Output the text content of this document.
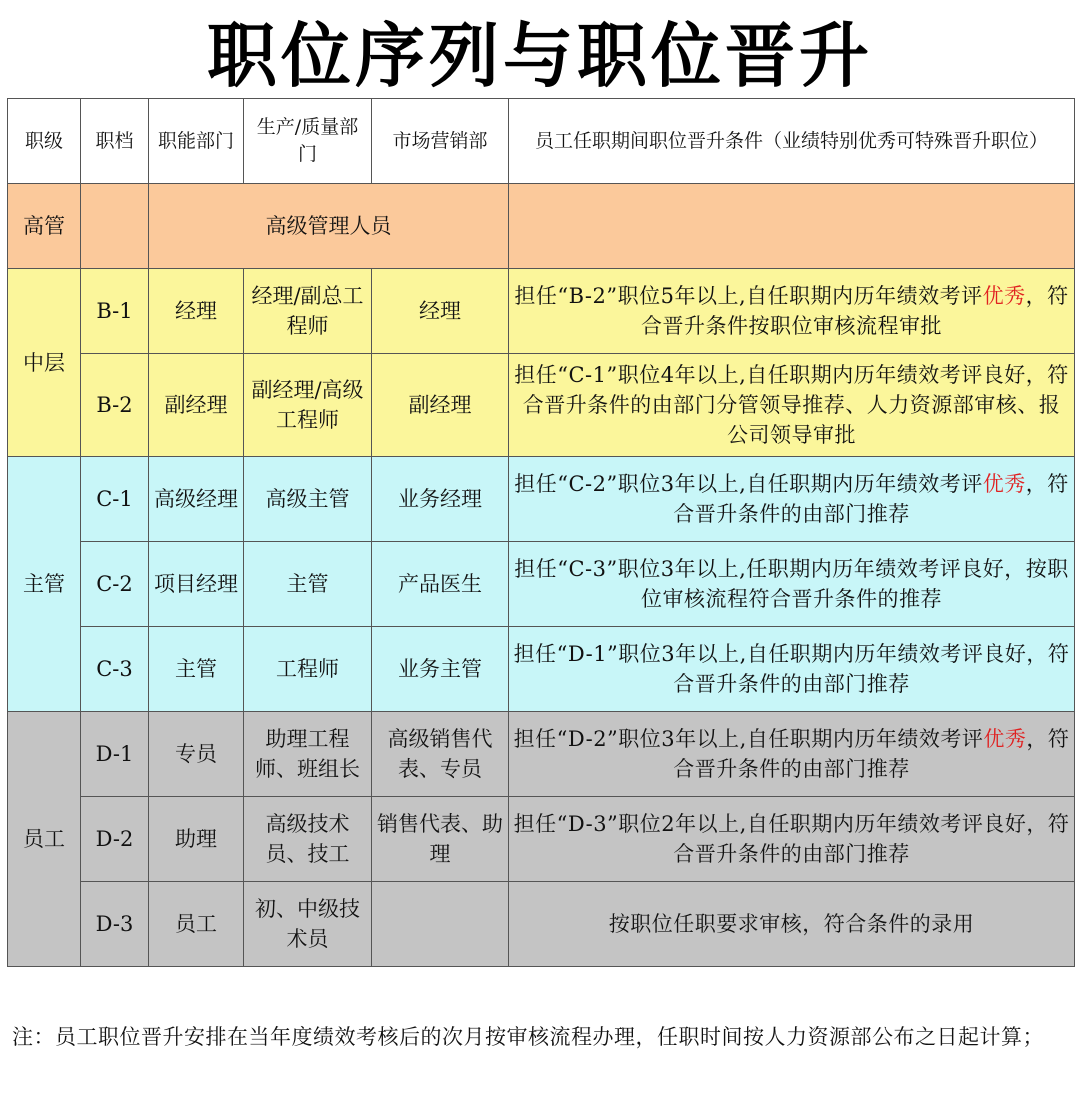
职位序列与职位晋升
职级	职档	职能部门	生产/质量部门	市场营销部	员工任职期间职位晋升条件（业绩特别优秀可特殊晋升职位）
高管		高级管理人员			
中层	B-1	经理	经理/副总工程师	经理	担任“B-2”职位5年以上,自任职期内历年绩效考评优秀，符合晋升条件按职位审核流程审批
	B-2	副经理	副经理/高级工程师	副经理	担任“C-1”职位4年以上,自任职期内历年绩效考评良好，符合晋升条件的由部门分管领导推荐、人力资源部审核、报公司领导审批
主管	C-1	高级经理	高级主管	业务经理	担任“C-2”职位3年以上,自任职期内历年绩效考评优秀，符合晋升条件的由部门推荐
	C-2	项目经理	主管	产品医生	担任“C-3”职位3年以上,任职期内历年绩效考评良好，按职位审核流程符合晋升条件的推荐
	C-3	主管	工程师	业务主管	担任“D-1”职位3年以上,自任职期内历年绩效考评良好，符合晋升条件的由部门推荐
员工	D-1	专员	助理工程师、班组长	高级销售代表、专员	担任“D-2”职位3年以上,自任职期内历年绩效考评优秀，符合晋升条件的由部门推荐
	D-2	助理	高级技术员、技工	销售代表、助理	担任“D-3”职位2年以上,自任职期内历年绩效考评良好，符合晋升条件的由部门推荐
	D-3	员工	初、中级技术员		按职位任职要求审核，符合条件的录用
注：员工职位晋升安排在当年度绩效考核后的次月按审核流程办理，任职时间按人力资源部公布之日起计算；
